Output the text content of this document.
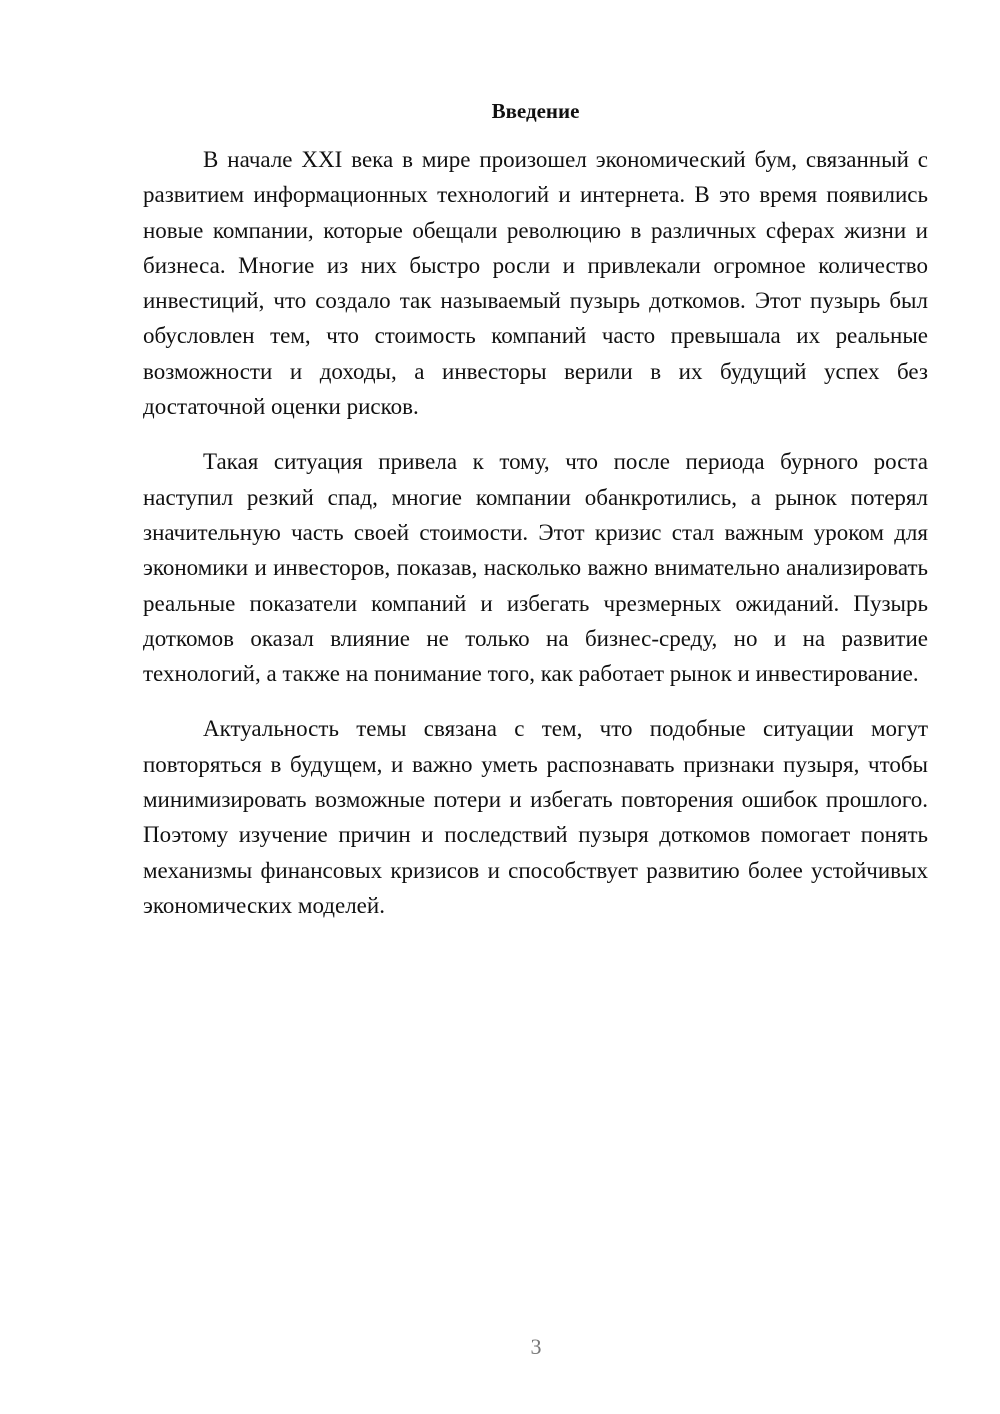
Введение

В начале XXI века в мире произошел экономический бум, связанный с развитием информационных технологий и интернета. В это время появились новые компании, которые обещали революцию в различных сферах жизни и бизнеса. Многие из них быстро росли и привлекали огромное количество инвестиций, что создало так называемый пузырь доткомов. Этот пузырь был обусловлен тем, что стоимость компаний часто превышала их реальные возможности и доходы, а инвесторы верили в их будущий успех без достаточной оценки рисков.

Такая ситуация привела к тому, что после периода бурного роста наступил резкий спад, многие компании обанкротились, а рынок потерял значительную часть своей стоимости. Этот кризис стал важным уроком для экономики и инвесторов, показав, насколько важно внимательно анализировать реальные показатели компаний и избегать чрезмерных ожиданий. Пузырь доткомов оказал влияние не только на бизнес-среду, но и на развитие технологий, а также на понимание того, как работает рынок и инвестирование.

Актуальность темы связана с тем, что подобные ситуации могут повторяться в будущем, и важно уметь распознавать признаки пузыря, чтобы минимизировать возможные потери и избегать повторения ошибок прошлого. Поэтому изучение причин и последствий пузыря доткомов помогает понять механизмы финансовых кризисов и способствует развитию более устойчивых экономических моделей.

3
